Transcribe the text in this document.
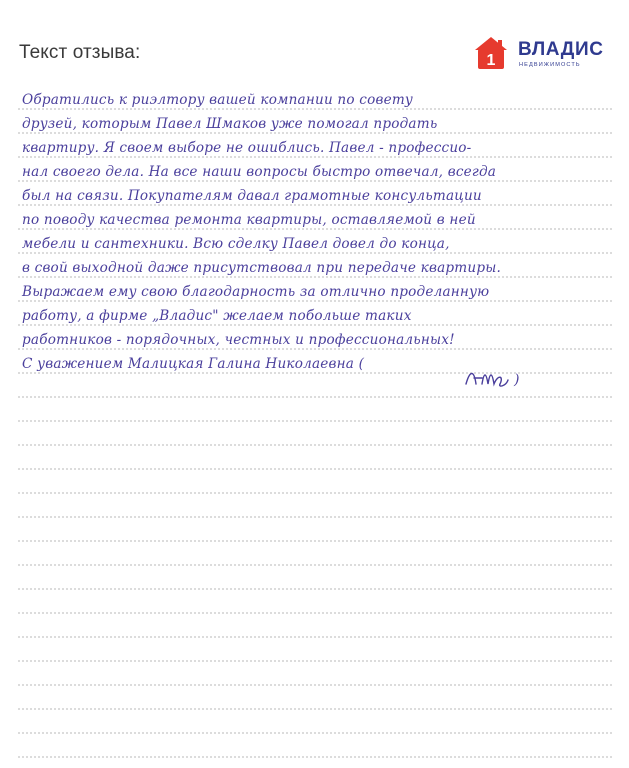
Текст отзыва:	1
ВЛАДИС
НЕДВИЖИМОСТЬ
Обратились к риэлтору вашей компании по совету
друзей, которым Павел Шмаков уже помогал продать
квартиру. Я своем выборе не ошиблись. Павел - профессио-
нал своего дела. На все наши вопросы быстро отвечал, всегда
был на связи. Покупателям давал грамотные консультации
по поводу качества ремонта квартиры, оставляемой в ней
мебели и сантехники. Всю сделку Павел довел до конца,
в свой выходной даже присутствовал при передаче квартиры.
Выражаем ему свою благодарность за отлично проделанную
работу, а фирме „Владис" желаем побольше таких
работников - порядочных, честных и профессиональных!
С уважением Малицкая Галина Николаевна (
)
